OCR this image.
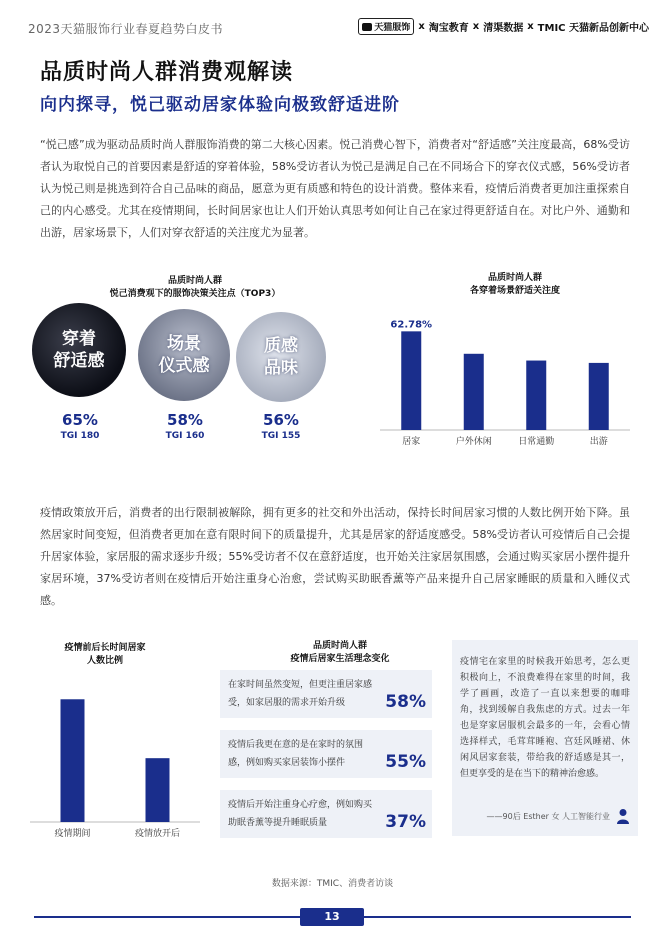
2023天猫服饰行业春夏趋势白皮书	天猫服饰 x 淘宝教育 x 清渠数据 x TMIC 天猫新品创新中心
品质时尚人群消费观解读
向内探寻，悦己驱动居家体验向极致舒适进阶
“悦己感”成为驱动品质时尚人群服饰消费的第二大核心因素。悦己消费心智下，消费者对“舒适感”关注度最高，68%受访者认为取悦自己的首要因素是舒适的穿着体验，58%受访者认为悦己是满足自己在不同场合下的穿衣仪式感，56%受访者认为悦己则是挑选到符合自己品味的商品，愿意为更有质感和特色的设计消费。整体来看，疫情后消费者更加注重探索自己的内心感受。尤其在疫情期间，长时间居家也让人们开始认真思考如何让自己在家过得更舒适自在。对比户外、通勤和出游，居家场景下，人们对穿衣舒适的关注度尤为显著。
品质时尚人群
悦己消费观下的服饰决策关注点（TOP3）
穿着
舒适感
场景
仪式感
质感
品味
65%
TGI 180
58%
TGI 160
56%
TGI 155
品质时尚人群
各穿着场景舒适关注度
居家
62.78%
户外休闲	日常通勤	出游
疫情政策放开后，消费者的出行限制被解除，拥有更多的社交和外出活动，保持长时间居家习惯的人数比例开始下降。虽然居家时间变短，但消费者更加在意有限时间下的质量提升，尤其是居家的舒适度感受。58%受访者认可疫情后自己会提升居家体验，家居服的需求逐步升级；55%受访者不仅在意舒适度，也开始关注家居氛围感，会通过购买家居小摆件提升家居环境，37%受访者则在疫情后开始注重身心治愈，尝试购买助眠香薰等产品来提升自己居家睡眠的质量和入睡仪式感。
疫情前后长时间居家
人数比例
疫情期间	疫情放开后
品质时尚人群
疫情后居家生活理念变化
在家时间虽然变短，但更注重居家感受，如家居服的需求开始升级	58%
疫情后我更在意的是在家时的氛围感，例如购买家居装饰小摆件	55%
疫情后开始注重身心疗愈，例如购买助眠香薰等提升睡眠质量	37%
疫情宅在家里的时候我开始思考，怎么更积极向上，不浪费难得在家里的时间，我学了画画，改造了一直以来想要的咖啡角，找到缓解自我焦虑的方式。过去一年也是穿家居服机会最多的一年，会看心情选择样式，毛茸茸睡袍、宫廷风睡裙、休闲风居家套装，带给我的舒适感是其一，但更享受的是在当下的精神治愈感。
——90后 Esther 女 人工智能行业
数据来源：TMIC、消费者访谈
13
